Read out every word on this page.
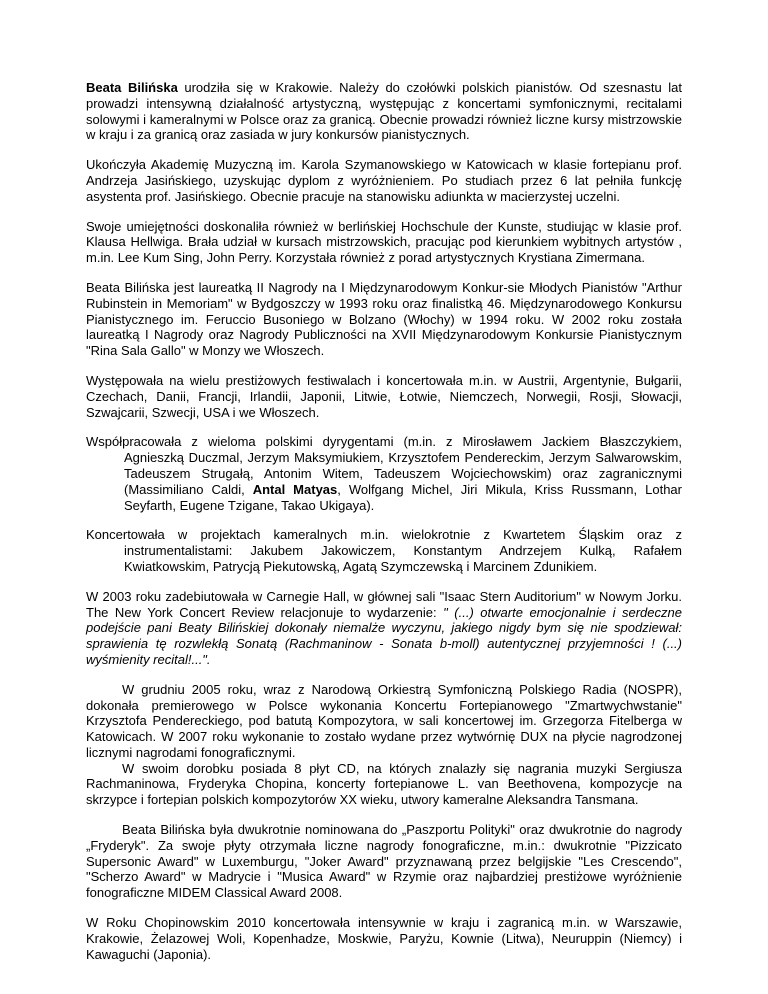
Beata Bilińska urodziła się w Krakowie. Należy do czołówki polskich pianistów. Od szesnastu lat prowadzi intensywną działalność artystyczną, występując z koncertami symfonicznymi, recitalami solowymi i kameralnymi w Polsce oraz za granicą. Obecnie prowadzi również liczne kursy mistrzowskie w kraju i za granicą oraz zasiada w jury konkursów pianistycznych.

Ukończyła Akademię Muzyczną im. Karola Szymanowskiego w Katowicach w klasie fortepianu prof. Andrzeja Jasińskiego, uzyskując dyplom z wyróżnieniem. Po studiach przez 6 lat pełniła funkcję asystenta prof. Jasińskiego. Obecnie pracuje na stanowisku adiunkta w macierzystej uczelni.

Swoje umiejętności doskonaliła również w berlińskiej Hochschule der Kunste, studiując w klasie prof. Klausa Hellwiga. Brała udział w kursach mistrzowskich, pracując pod kierunkiem wybitnych artystów , m.in. Lee Kum Sing, John Perry. Korzystała również z porad artystycznych Krystiana Zimermana.

Beata Bilińska jest laureatką II Nagrody na I Międzynarodowym Konkur-sie Młodych Pianistów "Arthur Rubinstein in Memoriam" w Bydgoszczy w 1993 roku oraz finalistką 46. Międzynarodowego Konkursu Pianistycznego im. Feruccio Busoniego w Bolzano (Włochy) w 1994 roku. W 2002 roku została laureatką I Nagrody oraz Nagrody Publiczności na XVII Międzynarodowym Konkursie Pianistycznym "Rina Sala Gallo" w Monzy we Włoszech.

Występowała na wielu prestiżowych festiwalach i koncertowała m.in. w Austrii, Argentynie, Bułgarii, Czechach, Danii, Francji, Irlandii, Japonii, Litwie, Łotwie, Niemczech, Norwegii, Rosji, Słowacji, Szwajcarii, Szwecji, USA i we Włoszech.

Współpracowała z wieloma polskimi dyrygentami (m.in. z Mirosławem Jackiem Błaszczykiem, Agnieszką Duczmal, Jerzym Maksymiukiem, Krzysztofem Pendereckim, Jerzym Salwarowskim, Tadeuszem Strugałą, Antonim Witem, Tadeuszem Wojciechowskim) oraz zagranicznymi (Massimiliano Caldi, Antal Matyas, Wolfgang Michel, Jiri Mikula, Kriss Russmann, Lothar Seyfarth, Eugene Tzigane, Takao Ukigaya).

Koncertowała w projektach kameralnych m.in. wielokrotnie z Kwartetem Śląskim oraz z instrumentalistami: Jakubem Jakowiczem, Konstantym Andrzejem Kulką, Rafałem Kwiatkowskim, Patrycją Piekutowską, Agatą Szymczewską i Marcinem Zdunikiem.

W 2003 roku zadebiutowała w Carnegie Hall, w głównej sali "Isaac Stern Auditorium" w Nowym Jorku. The New York Concert Review relacjonuje to wydarzenie: " (...) otwarte emocjonalnie i serdeczne podejście pani Beaty Bilińskiej dokonały niemalże wyczynu, jakiego nigdy bym się nie spodziewał: sprawienia tę rozwlekłą Sonatą (Rachmaninow - Sonata b-moll) autentycznej przyjemności ! (...) wyśmienity recital!...".

W grudniu 2005 roku, wraz z Narodową Orkiestrą Symfoniczną Polskiego Radia (NOSPR), dokonała premierowego w Polsce wykonania Koncertu Fortepianowego "Zmartwychwstanie" Krzysztofa Pendereckiego, pod batutą Kompozytora, w sali koncertowej im. Grzegorza Fitelberga w Katowicach. W 2007 roku wykonanie to zostało wydane przez wytwórnię DUX na płycie nagrodzonej licznymi nagrodami fonograficznymi.

W swoim dorobku posiada 8 płyt CD, na których znalazły się nagrania muzyki Sergiusza Rachmaninowa, Fryderyka Chopina, koncerty fortepianowe L. van Beethovena, kompozycje na skrzypce i fortepian polskich kompozytorów XX wieku, utwory kameralne Aleksandra Tansmana.

Beata Bilińska była dwukrotnie nominowana do „Paszportu Polityki" oraz dwukrotnie do nagrody „Fryderyk". Za swoje płyty otrzymała liczne nagrody fonograficzne, m.in.: dwukrotnie "Pizzicato Supersonic Award" w Luxemburgu, "Joker Award" przyznawaną przez belgijskie "Les Crescendo", "Scherzo Award" w Madrycie i "Musica Award" w Rzymie oraz najbardziej prestiżowe wyróżnienie fonograficzne MIDEM Classical Award 2008.

W Roku Chopinowskim 2010 koncertowała intensywnie w kraju i zagranicą m.in. w Warszawie, Krakowie, Żelazowej Woli, Kopenhadze, Moskwie, Paryżu, Kownie (Litwa), Neuruppin (Niemcy) i Kawaguchi (Japonia).
